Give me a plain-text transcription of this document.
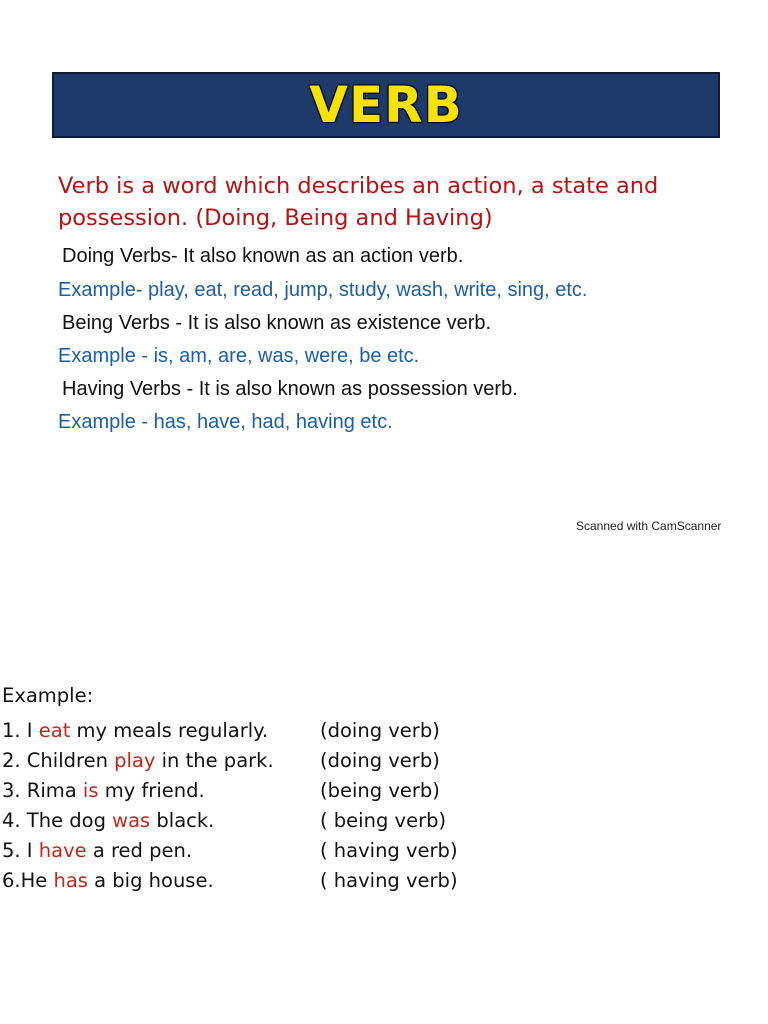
VERB
Verb is a word which describes an action, a state and possession. (Doing, Being and Having)
Doing Verbs- It also known as an action verb.
Example- play, eat, read, jump, study, wash, write, sing, etc.
Being Verbs - It is also known as existence verb.
Example - is, am, are, was, were, be etc.
Having Verbs - It is also known as possession verb.
Example - has, have, had, having etc.
Scanned with CamScanner
Example:
1. I eat my meals regularly.	(doing verb)
2. Children play in the park. (doing verb)
3. Rima is my friend.	(being verb)
4. The dog was black.	( being verb)
5. I have a red pen.	( having verb)
6.He has a big house.	( having verb)
